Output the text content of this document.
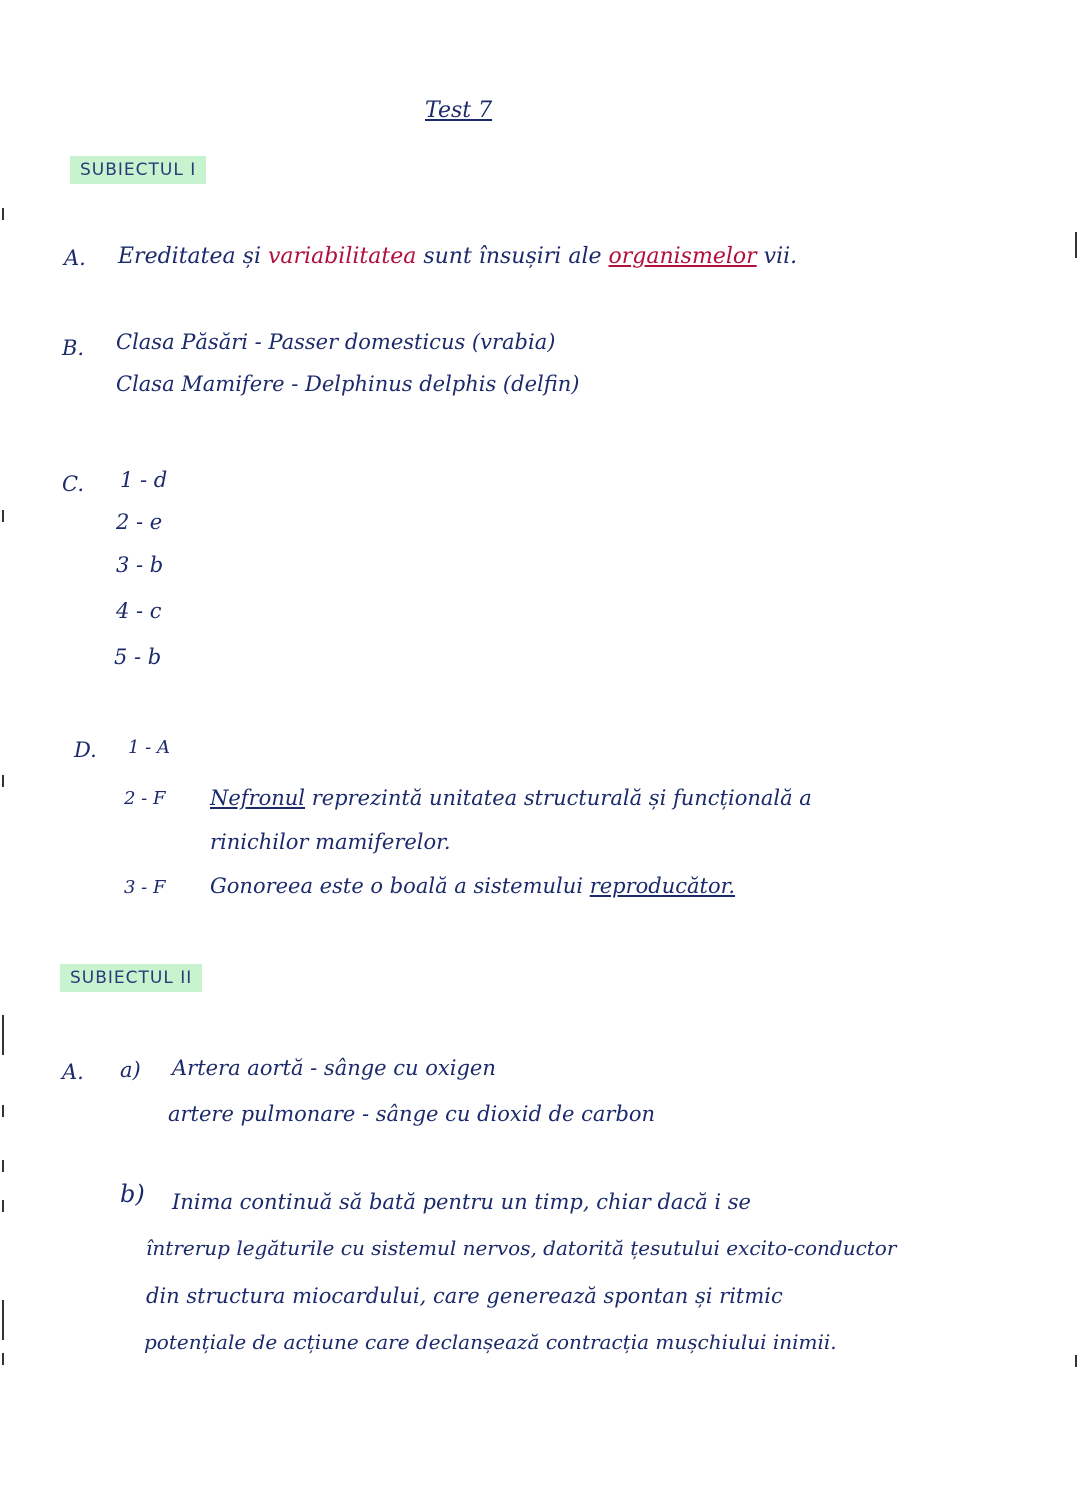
Test 7
SUBIECTUL I
A. Ereditatea și variabilitatea sunt însușiri ale organismelor vii.
B. Clasa Păsări - Passer domesticus (vrabia)
Clasa Mamifere - Delphinus delphis (delfin)
C. 1 - d
2 - e
3 - b
4 - c
5 - b
D. 1 - A
2 - F Nefronul reprezintă unitatea structurală și funcțională a
rinichilor mamiferelor.
3 - F Gonoreea este o boală a sistemului reproducător.
SUBIECTUL II
A. a) Artera aortă - sânge cu oxigen
artere pulmonare - sânge cu dioxid de carbon
b) Inima continuă să bată pentru un timp, chiar dacă i se
întrerup legăturile cu sistemul nervos, datorită țesutului excito-conductor
din structura miocardului, care generează spontan și ritmic
potențiale de acțiune care declanșează contracția mușchiului inimii.
